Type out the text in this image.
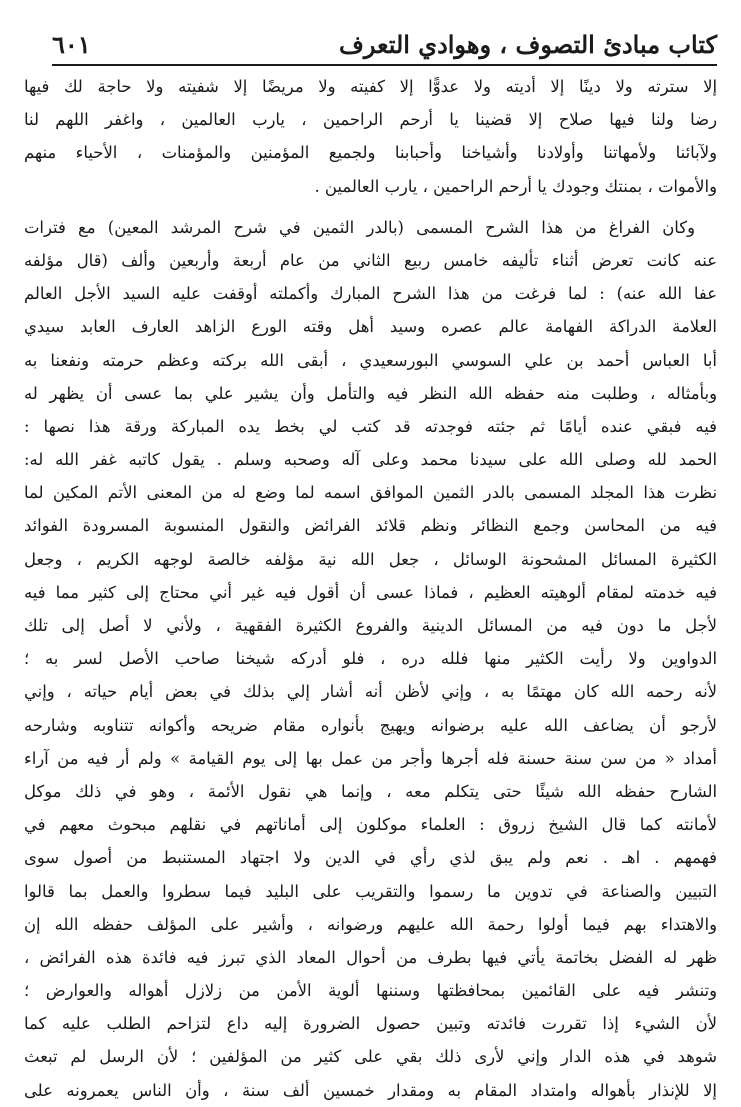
كتاب مبادئ التصوف ، وهوادي التعرف
٦٠١
إلا سترته ولا دينًا إلا أديته ولا عدوًّا إلا كفيته ولا مريضًا إلا شفيته ولا حاجة لك فيها
رضا ولنا فيها صلاح إلا قضينا يا أرحم الراحمين ، يارب العالمين ، واغفر اللهم لنا
ولآبائنا ولأمهاتنا وأولادنا وأشياخنا وأحبابنا ولجميع المؤمنين والمؤمنات ، الأحياء منهم
والأموات ، بمنتك وجودك يا أرحم الراحمين ، يارب العالمين .
وكان الفراغ من هذا الشرح المسمى (بالدر الثمين في شرح المرشد المعين) مع فترات
عنه كانت تعرض أثناء تأليفه خامس ربيع الثاني من عام أربعة وأربعين وألف (قال مؤلفه
عفا الله عنه) : لما فرغت من هذا الشرح المبارك وأكملته أوقفت عليه السيد الأجل العالم
العلامة الدراكة الفهامة عالم عصره وسيد أهل وقته الورع الزاهد العارف العابد سيدي
أبا العباس أحمد بن علي السوسي البورسعيدي ، أبقى الله بركته وعظم حرمته ونفعنا به
وبأمثاله ، وطلبت منه حفظه الله النظر فيه والتأمل وأن يشير علي بما عسى أن يظهر له
فيه فبقي عنده أيامًا ثم جئته فوجدته قد كتب لي بخط يده المباركة ورقة هذا نصها :
الحمد لله وصلى الله على سيدنا محمد وعلى آله وصحبه وسلم . يقول كاتبه غفر الله له:
نظرت هذا المجلد المسمى بالدر الثمين الموافق اسمه لما وضع له من المعنى الأتم المكين لما
فيه من المحاسن وجمع النظائر ونظم قلائد الفرائض والنقول المنسوبة المسرودة الفوائد
الكثيرة المسائل المشحونة الوسائل ، جعل الله نية مؤلفه خالصة لوجهه الكريم ، وجعل
فيه خدمته لمقام ألوهيته العظيم ، فماذا عسى أن أقول فيه غير أني محتاج إلى كثير مما فيه
لأجل ما دون فيه من المسائل الدينية والفروع الكثيرة الفقهية ، ولأني لا أصل إلى تلك
الدواوين ولا رأيت الكثير منها فلله دره ، فلو أدركه شيخنا صاحب الأصل لسر به ؛
لأنه رحمه الله كان مهتمًا به ، وإني لأظن أنه أشار إلي بذلك في بعض أيام حياته ، وإني
لأرجو أن يضاعف الله عليه برضوانه ويهيج بأنواره مقام ضريحه وأكوانه تتناوبه وشارحه
أمداد « من سن سنة حسنة فله أجرها وأجر من عمل بها إلى يوم القيامة » ولم أر فيه من آراء
الشارح حفظه الله شيئًا حتى يتكلم معه ، وإنما هي نقول الأئمة ، وهو في ذلك موكل
لأمانته كما قال الشيخ زروق : العلماء موكلون إلى أماناتهم في نقلهم مبحوث معهم في
فهمهم . اهـ . نعم ولم يبق لذي رأي في الدين ولا اجتهاد المستنبط من أصول سوى
التبيين والصناعة في تدوين ما رسموا والتقريب على البليد فيما سطروا والعمل بما قالوا
والاهتداء بهم فيما أولوا رحمة الله عليهم ورضوانه ، وأشير على المؤلف حفظه الله إن
ظهر له الفضل بخاتمة يأتي فيها بطرف من أحوال المعاد الذي تبرز فيه فائدة هذه الفرائض ،
وتنشر فيه على القائمين بمحافظتها وسننها ألوية الأمن من زلازل أهواله والعوارض ؛
لأن الشيء إذا تقررت فائدته وتبين حصول الضرورة إليه داع لتزاحم الطلب عليه كما
شوهد في هذه الدار وإني لأرى ذلك بقي على كثير من المؤلفين ؛ لأن الرسل لم تبعث
إلا للإنذار بأهواله وامتداد المقام به ومقدار خمسين ألف سنة ، وأن الناس يعمرونه على
